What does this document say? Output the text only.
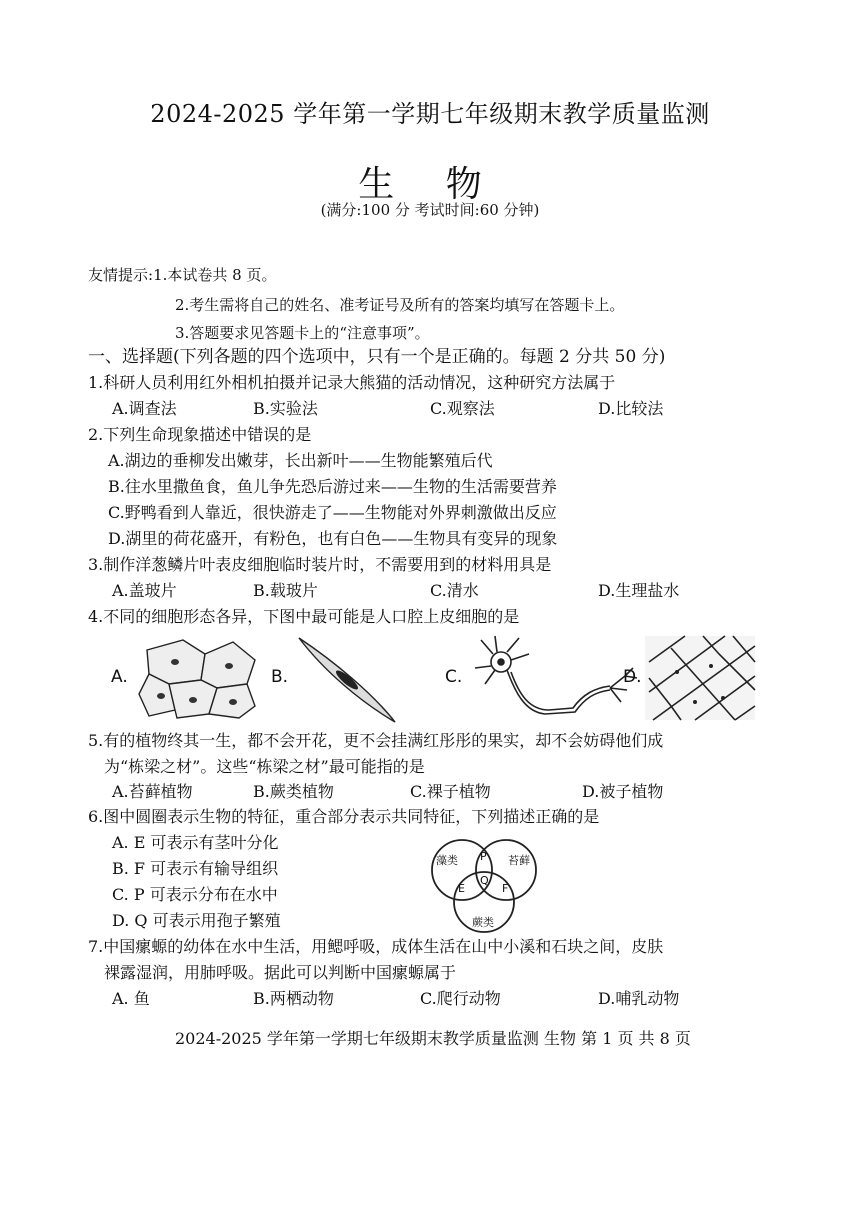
2024-2025 学年第一学期七年级期末教学质量监测
生 物
(满分:100 分 考试时间:60 分钟)
友情提示:1.本试卷共 8 页。
2.考生需将自己的姓名、准考证号及所有的答案均填写在答题卡上。
3.答题要求见答题卡上的“注意事项”。
一、选择题(下列各题的四个选项中，只有一个是正确的。每题 2 分共 50 分)
1.科研人员利用红外相机拍摄并记录大熊猫的活动情况，这种研究方法属于
A.调查法	B.实验法	C.观察法	D.比较法
2.下列生命现象描述中错误的是
A.湖边的垂柳发出嫩芽，长出新叶——生物能繁殖后代
B.往水里撒鱼食，鱼儿争先恐后游过来——生物的生活需要营养
C.野鸭看到人靠近，很快游走了——生物能对外界刺激做出反应
D.湖里的荷花盛开，有粉色，也有白色——生物具有变异的现象
3.制作洋葱鳞片叶表皮细胞临时装片时，不需要用到的材料用具是
A.盖玻片	B.载玻片	C.清水	D.生理盐水
4.不同的细胞形态各异，下图中最可能是人口腔上皮细胞的是
A.	B.	C.	D.
5.有的植物终其一生，都不会开花，更不会挂满红彤彤的果实，却不会妨碍他们成
为“栋梁之材”。这些“栋梁之材”最可能指的是
A.苔藓植物	B.蕨类植物	C.裸子植物	D.被子植物
6.图中圆圈表示生物的特征，重合部分表示共同特征，下列描述正确的是
A. E 可表示有茎叶分化
B. F 可表示有输导组织
C. P 可表示分布在水中
D. Q 可表示用孢子繁殖
藻类	苔藓
蕨类
P
E
Q
F
7.中国瘰螈的幼体在水中生活，用鳃呼吸，成体生活在山中小溪和石块之间，皮肤
裸露湿润，用肺呼吸。据此可以判断中国瘰螈属于
A. 鱼	B.两栖动物	C.爬行动物	D.哺乳动物
2024-2025 学年第一学期七年级期末教学质量监测 生物 第 1 页 共 8 页
